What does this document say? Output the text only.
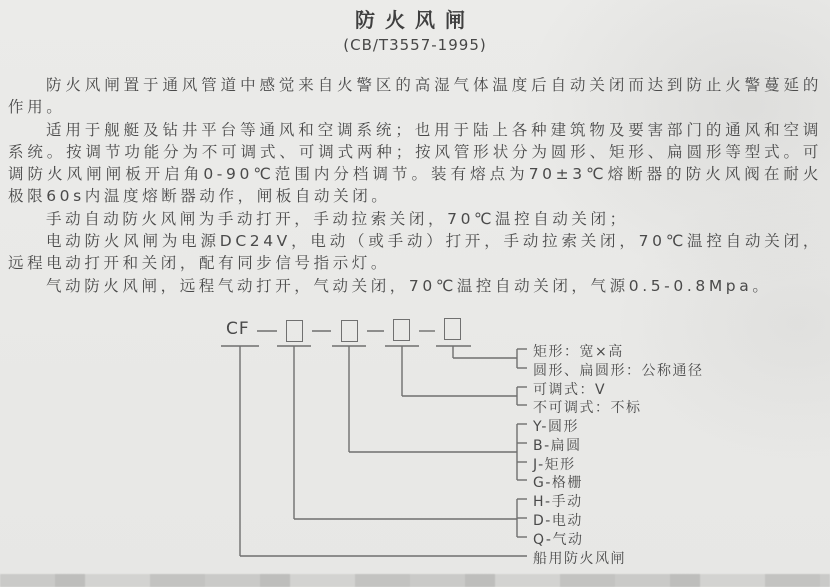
防火风闸
(CB/T3557-1995)

防火风闸置于通风管道中感觉来自火警区的高湿气体温度后自动关闭而达到防止火警蔓延的作用。

适用于舰艇及钻井平台等通风和空调系统；也用于陆上各种建筑物及要害部门的通风和空调系统。按调节功能分为不可调式、可调式两种；按风管形状分为圆形、矩形、扁圆形等型式。可调防火风闸闸板开启角0-90℃范围内分档调节。装有熔点为70±3℃熔断器的防火风阀在耐火极限60s内温度熔断器动作，闸板自动关闭。

手动自动防火风闸为手动打开，手动拉索关闭，70℃温控自动关闭；

电动防火风闸为电源DC24V，电动（或手动）打开，手动拉索关闭，70℃温控自动关闭，远程电动打开和关闭，配有同步信号指示灯。

气动防火风闸，远程气动打开，气动关闭，70℃温控自动关闭，气源0.5-0.8Mpa。

CF
矩形：宽×高
圆形、扁圆形：公称通径
可调式：V
不可调式：不标
Y-圆形
B-扁圆
J-矩形
G-格栅
H-手动
D-电动
Q-气动
船用防火风闸
